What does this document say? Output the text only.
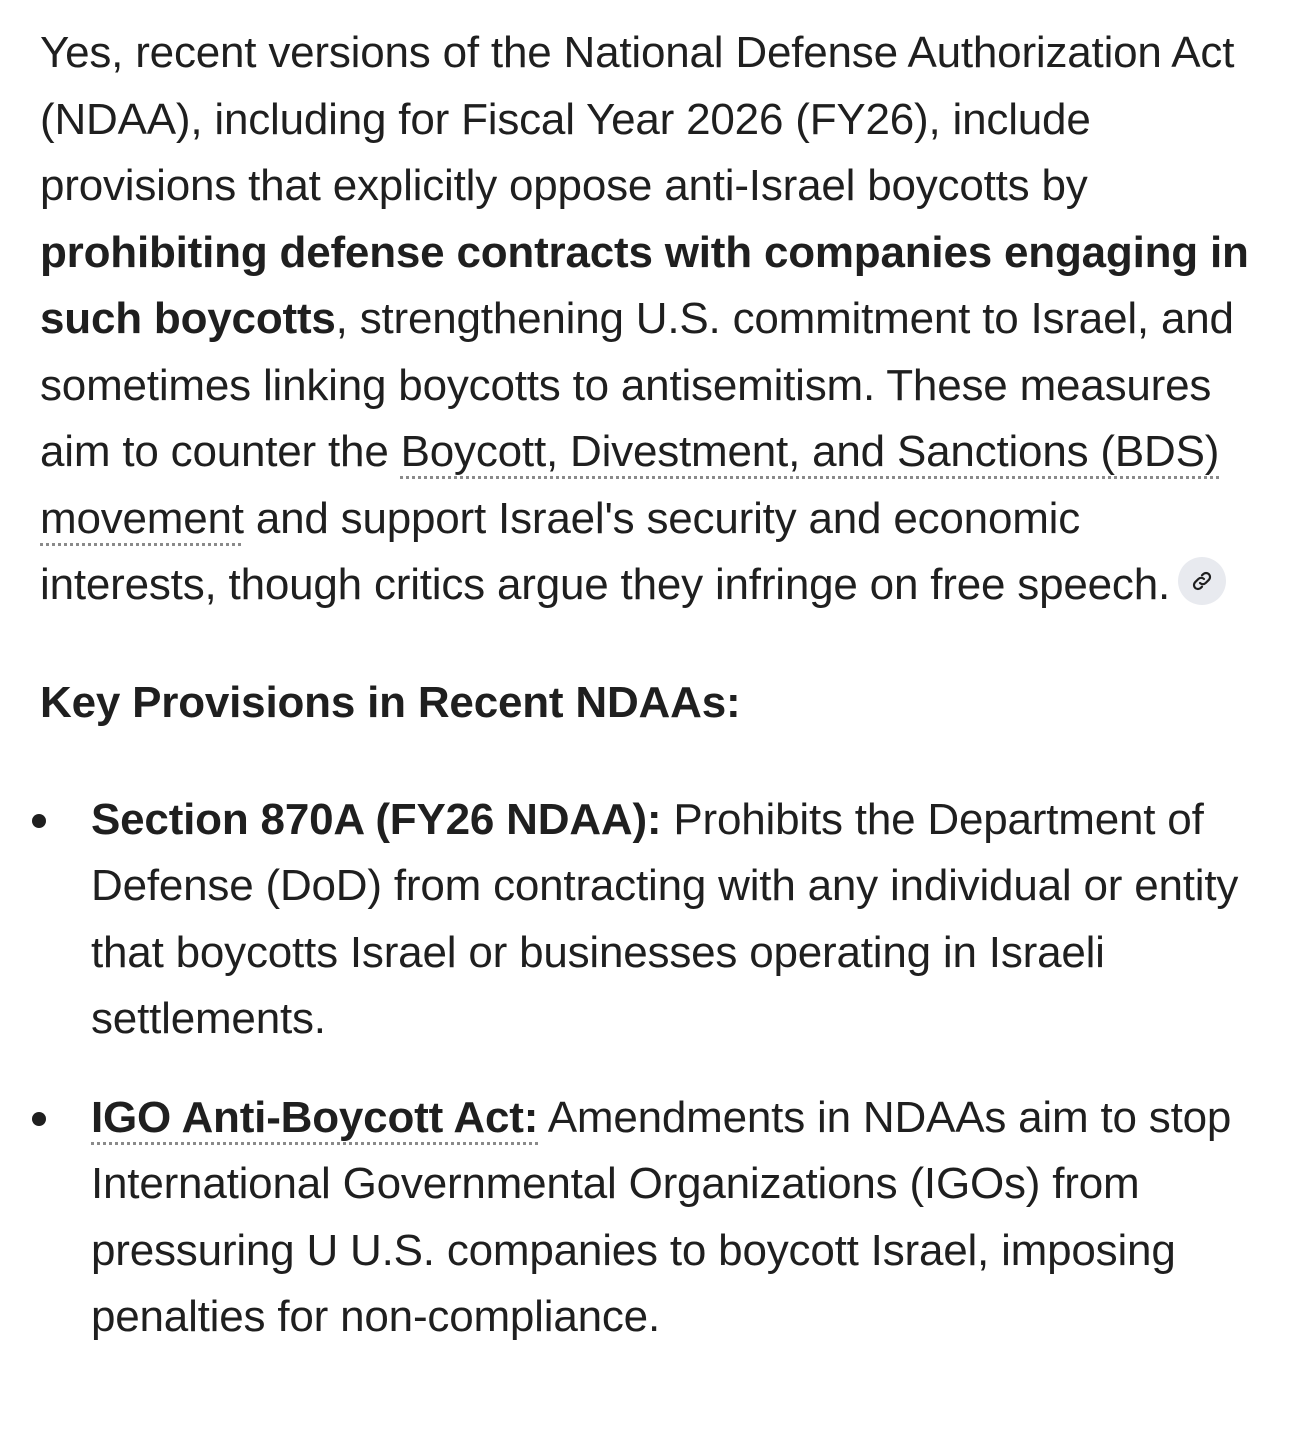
Yes, recent versions of the National Defense Authorization Act (NDAA), including for Fiscal Year 2026 (FY26), include provisions that explicitly oppose anti-Israel boycotts by prohibiting defense contracts with companies engaging in such boycotts, strengthening U.S. commitment to Israel, and sometimes linking boycotts to antisemitism. These measures aim to counter the Boycott, Divestment, and Sanctions (BDS) movement and support Israel's security and economic interests, though critics argue they infringe on free speech.

Key Provisions in Recent NDAAs:
Section 870A (FY26 NDAA): Prohibits the Department of Defense (DoD) from contracting with any individual or entity that boycotts Israel or businesses operating in Israeli settlements.
IGO Anti-Boycott Act: Amendments in NDAAs aim to stop International Governmental Organizations (IGOs) from pressuring U U.S. companies to boycott Israel, imposing penalties for non-compliance.
